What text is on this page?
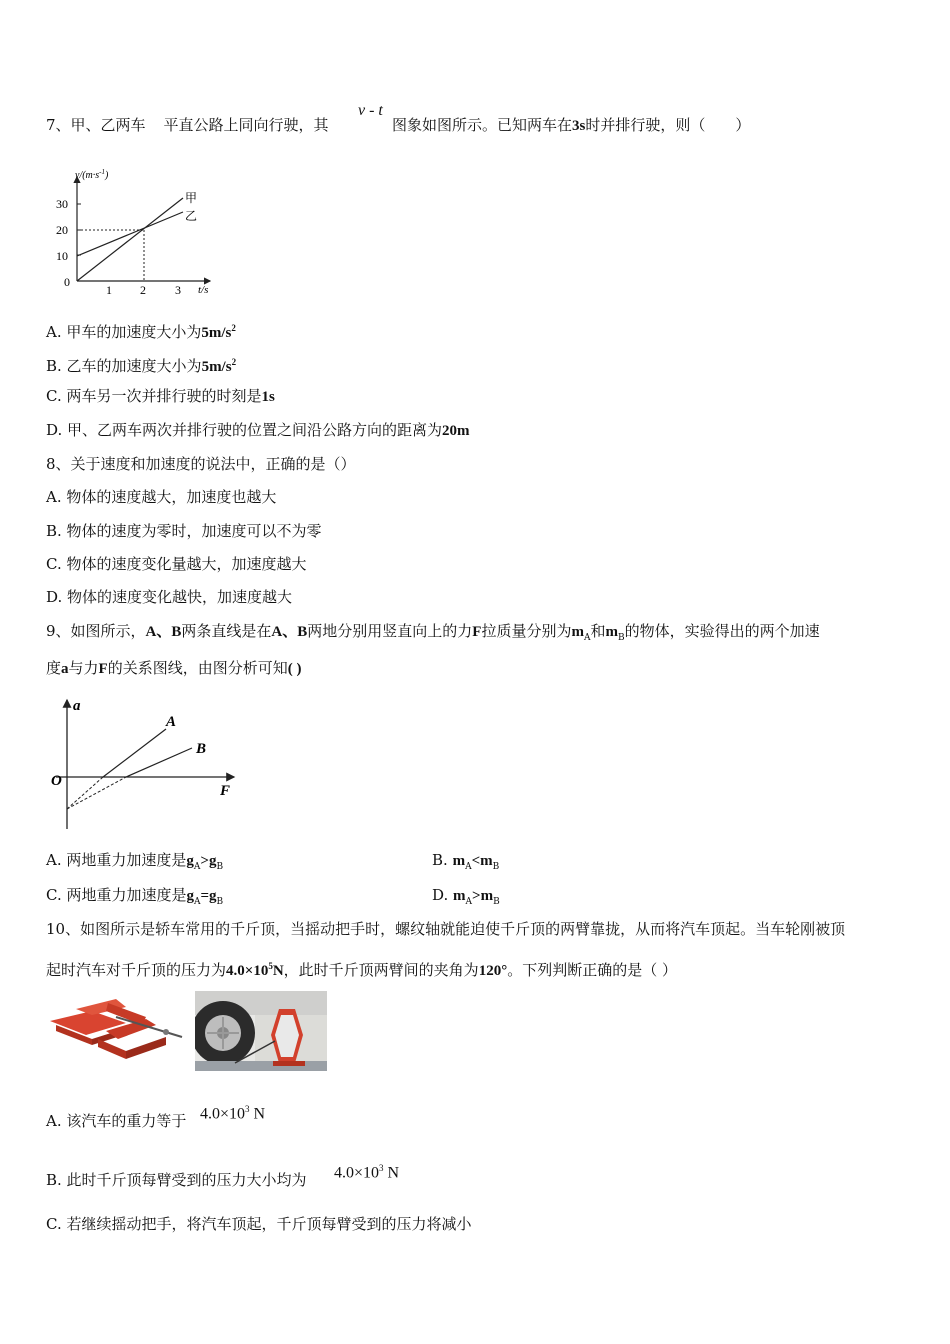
7、甲、乙两车 平直公路上同向行驶，其
v - t
图象如图所示。已知两车在3s时并排行驶，则（ ）
$v/(m\cdot s^{-1})$
30
20
10
0
1 2 3 t/s
甲
乙
A. 甲车的加速度大小为$5m/s^2$
B. 乙车的加速度大小为$5m/s^2$
C. 两车另一次并排行驶的时刻是1s
D. 甲、乙两车两次并排行驶的位置之间沿公路方向的距离为20m
8、关于速度和加速度的说法中，正确的是（）
A. 物体的速度越大，加速度也越大
B. 物体的速度为零时，加速度可以不为零
C. 物体的速度变化量越大，加速度越大
D. 物体的速度变化越快，加速度越大
9、如图所示，A、B两条直线是在A、B两地分别用竖直向上的力F拉质量分别为$m_A$和$m_B$的物体，实验得出的两个加速
度a与力F的关系图线，由图分析可知( )
a
F
O
A
B
A. 两地重力加速度是$g_A>g_B$	B. $m_A<m_B$
C. 两地重力加速度是$g_A=g_B$	D. $m_A>m_B$
10、如图所示是轿车常用的千斤顶，当摇动把手时，螺纹轴就能迫使千斤顶的两臂靠拢，从而将汽车顶起。当车轮刚被顶
起时汽车对千斤顶的压力为$4.0\times 10^5N$，此时千斤顶两臂间的夹角为120°。下列判断正确的是（ ）
A. 该汽车的重力等于 $4.0\times 10^3$ N
B. 此时千斤顶每臂受到的压力大小均为 $4.0\times 10^3$ N
C. 若继续摇动把手，将汽车顶起，千斤顶每臂受到的压力将减小
